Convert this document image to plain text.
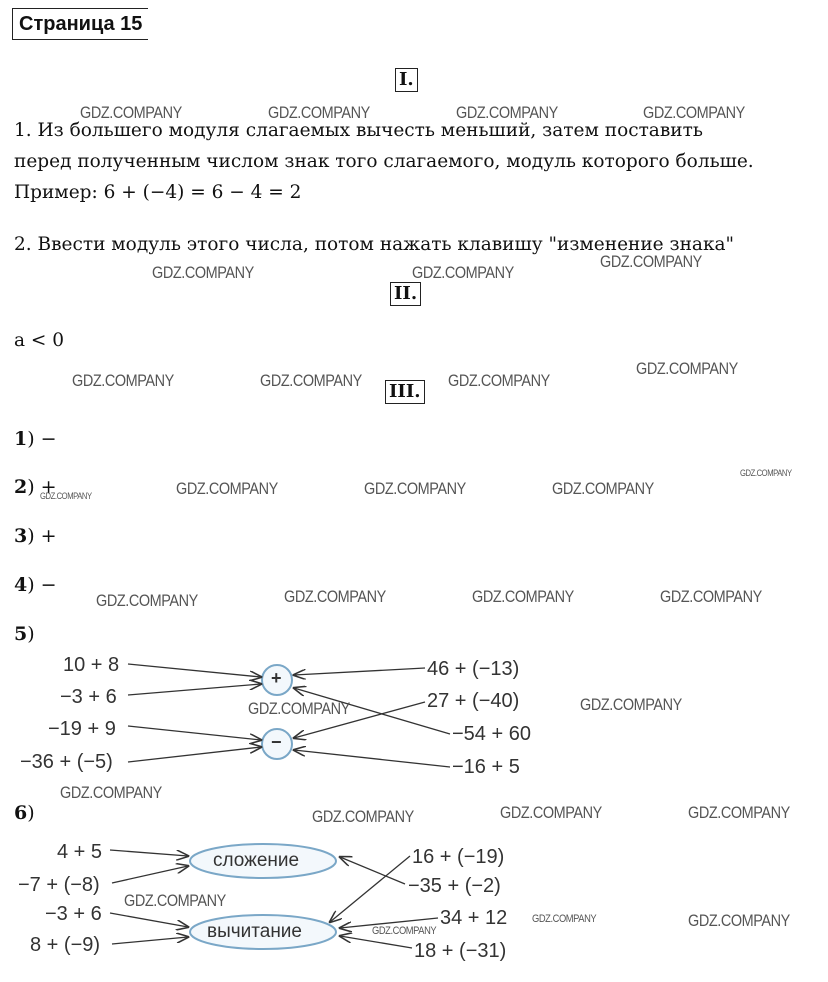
Страница 15
I.
1. Из большего модуля слагаемых вычесть меньший, затем поставить
перед полученным числом знак того слагаемого, модуль которого больше.
Пример: 6 + (−4) = 6 − 4 = 2
2. Ввести модуль этого числа, потом нажать клавишу "изменение знака"
II.
a < 0
III.
1) −
2) +
3) +
4) −
5)
6)
10 + 8
−3 + 6
−19 + 9
−36 + (−5)
46 + (−13)
27 + (−40)
−54 + 60
−16 + 5
+
−
4 + 5
−7 + (−8)
−3 + 6
8 + (−9)
16 + (−19)
−35 + (−2)
34 + 12
18 + (−31)
сложение
вычитание
GDZ.COMPANY	GDZ.COMPANY	GDZ.COMPANY	GDZ.COMPANY
GDZ.COMPANY	GDZ.COMPANY
GDZ.COMPANY
GDZ.COMPANY	GDZ.COMPANY	GDZ.COMPANY
GDZ.COMPANY
GDZ.COMPANY
GDZ.COMPANY	GDZ.COMPANY	GDZ.COMPANY	GDZ.COMPANY
GDZ.COMPANY	GDZ.COMPANY	GDZ.COMPANY	GDZ.COMPANY
GDZ.COMPANY	GDZ.COMPANY
GDZ.COMPANY
GDZ.COMPANY	GDZ.COMPANY	GDZ.COMPANY
GDZ.COMPANY
GDZ.COMPANY
GDZ.COMPANY
GDZ.COMPANY
